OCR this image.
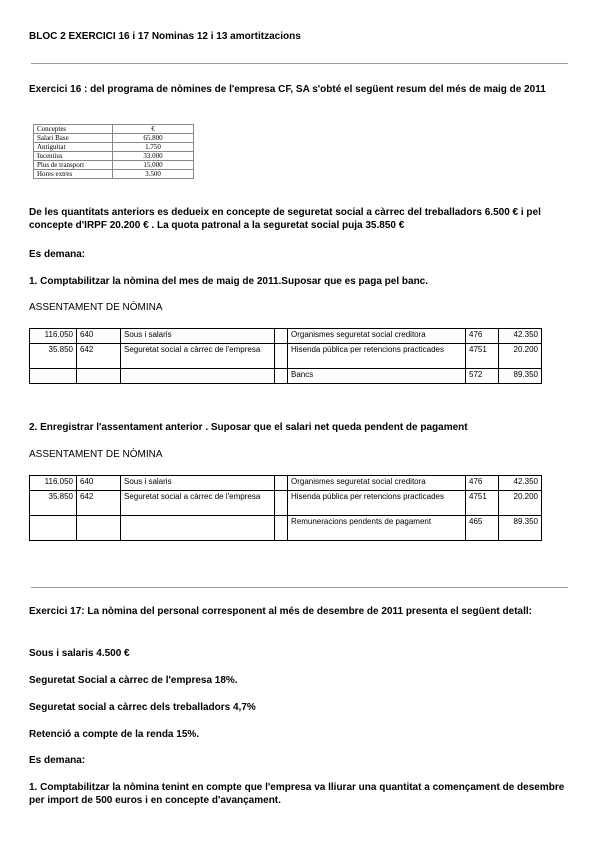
BLOC 2 EXERCICI 16 i 17 Nominas 12 i 13 amortitzacions
Exercici 16 : del programa de nòmines de l'empresa CF, SA s'obté el següent resum del més de maig de 2011
Conceptes	€
Salari Base	65.800
Antiguitat	1.750
Incentius	33.000
Plus de transport	15.000
Hores extres	3.500
De les quantitats anteriors es dedueix en concepte de seguretat social a càrrec del treballadors 6.500 € i pel concepte d'IRPF 20.200 € . La quota patronal a la seguretat social puja 35.850 €
Es demana:
1. Comptabilitzar la nòmina del mes de maig de 2011.Suposar que es paga pel banc.
ASSENTAMENT DE NÒMINA
116.050	640	Sous i salaris		Organismes seguretat social creditora	476	42.350
35.850	642	Seguretat social a càrrec de l'empresa		Hisenda pública per retencions practicades	4751	20.200
				Bancs	572	89.350
2. Enregistrar l'assentament anterior . Suposar que el salari net queda pendent de pagament
ASSENTAMENT DE NÒMINA
116.050	640	Sous i salaris		Organismes seguretat social creditora	476	42.350
35.850	642	Seguretat social a càrrec de l'empresa		Hisenda pública per retencions practicades	4751	20.200
				Remuneracions pendents de pagament	465	89.350
Exercici 17: La nòmina del personal corresponent al més de desembre de 2011 presenta el següent detall:
Sous i salaris 4.500 €
Seguretat Social a càrrec de l'empresa 18%.
Seguretat social a càrrec dels treballadors 4,7%
Retenció a compte de la renda 15%.
Es demana:
1. Comptabilitzar la nòmina tenint en compte que l'empresa va lliurar una quantitat a començament de desembre per import de 500 euros i en concepte d'avançament.
